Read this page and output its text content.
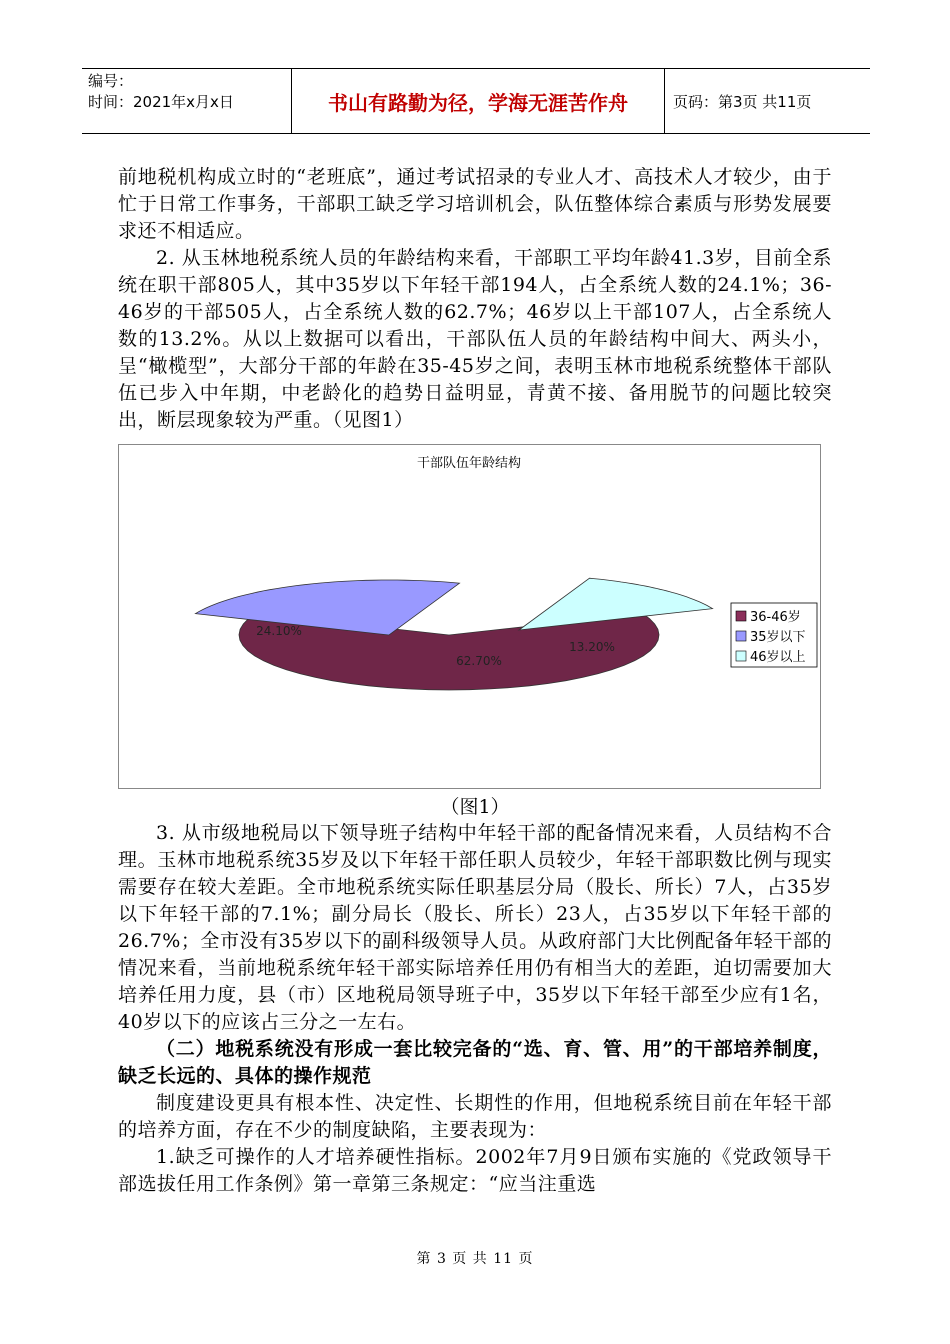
编号：
时间：2021年x月x日	书山有路勤为径，学海无涯苦作舟	页码：第3页 共11页

前地税机构成立时的“老班底”，通过考试招录的专业人才、高技术人才较少，由于忙于日常工作事务，干部职工缺乏学习培训机会，队伍整体综合素质与形势发展要求还不相适应。

2. 从玉林地税系统人员的年龄结构来看，干部职工平均年龄41.3岁，目前全系统在职干部805人，其中35岁以下年轻干部194人，占全系统人数的24.1%；36-46岁的干部505人，占全系统人数的62.7%；46岁以上干部107人，占全系统人数的13.2%。从以上数据可以看出，干部队伍人员的年龄结构中间大、两头小，呈“橄榄型”，大部分干部的年龄在35-45岁之间，表明玉林市地税系统整体干部队伍已步入中年期，中老龄化的趋势日益明显，青黄不接、备用脱节的问题比较突出，断层现象较为严重。（见图1）

干部队伍年龄结构
62.70%
24.10%
13.20%
36-46岁
35岁以下
46岁以上
（图1）

3. 从市级地税局以下领导班子结构中年轻干部的配备情况来看，人员结构不合理。玉林市地税系统35岁及以下年轻干部任职人员较少，年轻干部职数比例与现实需要存在较大差距。全市地税系统实际任职基层分局（股长、所长）7人，占35岁以下年轻干部的7.1%；副分局长（股长、所长）23人，占35岁以下年轻干部的26.7%；全市没有35岁以下的副科级领导人员。从政府部门大比例配备年轻干部的情况来看，当前地税系统年轻干部实际培养任用仍有相当大的差距，迫切需要加大培养任用力度，县（市）区地税局领导班子中，35岁以下年轻干部至少应有1名，40岁以下的应该占三分之一左右。

（二）地税系统没有形成一套比较完备的“选、育、管、用”的干部培养制度，缺乏长远的、具体的操作规范

制度建设更具有根本性、决定性、长期性的作用，但地税系统目前在年轻干部的培养方面，存在不少的制度缺陷，主要表现为：

1.缺乏可操作的人才培养硬性指标。2002年7月9日颁布实施的《党政领导干部选拔任用工作条例》第一章第三条规定：“应当注重选

第 3 页 共 11 页
